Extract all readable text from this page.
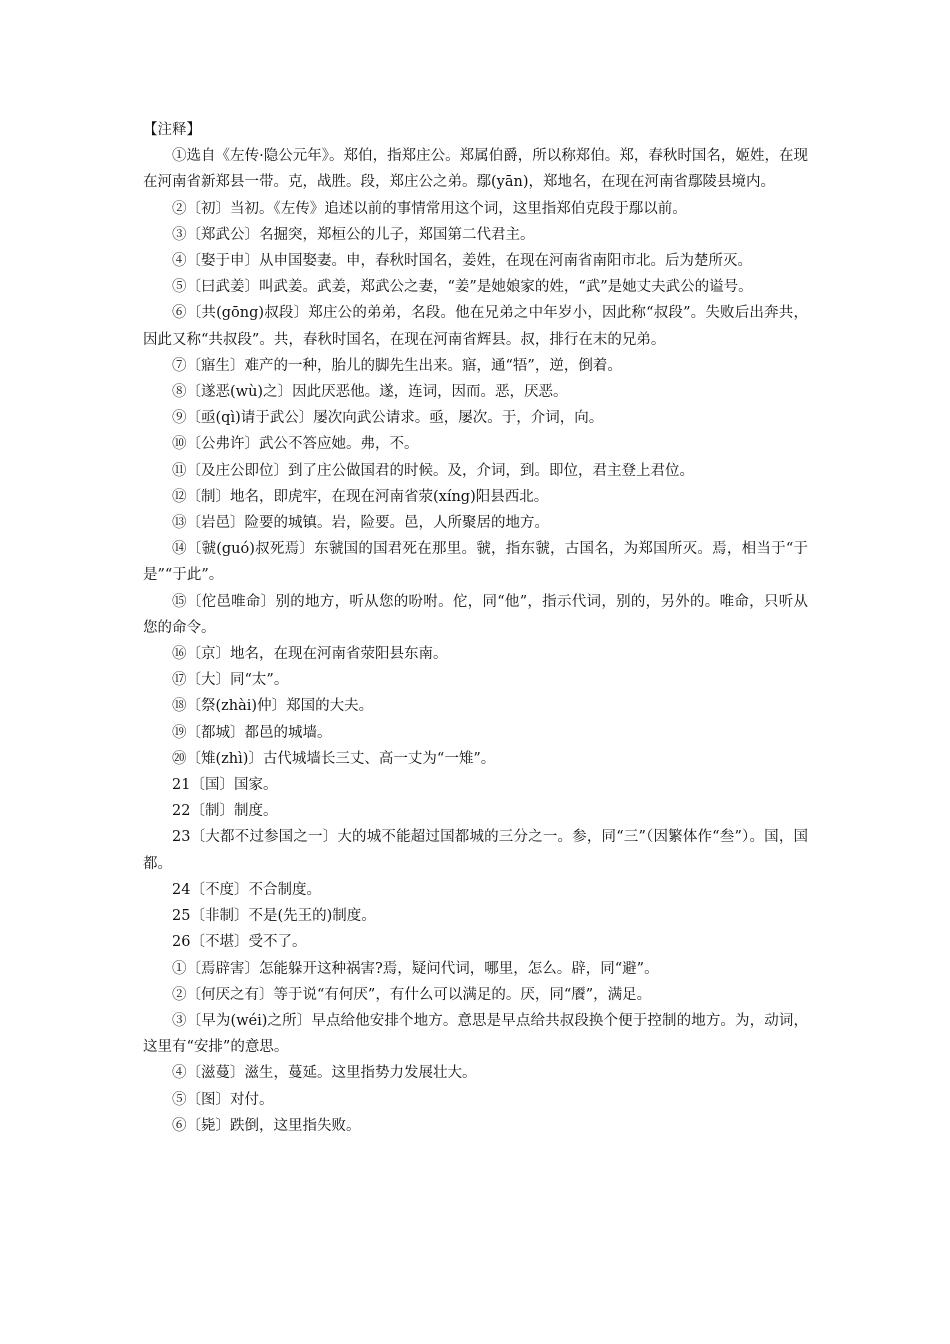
【注释】

①选自《左传·隐公元年》。郑伯，指郑庄公。郑属伯爵，所以称郑伯。郑，春秋时国名，姬姓，在现在河南省新郑县一带。克，战胜。段，郑庄公之弟。鄢(yān)，郑地名，在现在河南省鄢陵县境内。

②〔初〕当初。《左传》追述以前的事情常用这个词，这里指郑伯克段于鄢以前。

③〔郑武公〕名掘突，郑桓公的儿子，郑国第二代君主。

④〔娶于申〕从申国娶妻。申，春秋时国名，姜姓，在现在河南省南阳市北。后为楚所灭。

⑤〔曰武姜〕叫武姜。武姜，郑武公之妻，“姜”是她娘家的姓，“武”是她丈夫武公的谥号。

⑥〔共(gōng)叔段〕郑庄公的弟弟，名段。他在兄弟之中年岁小，因此称“叔段”。失败后出奔共，因此又称“共叔段”。共，春秋时国名，在现在河南省辉县。叔，排行在末的兄弟。

⑦〔寤生〕难产的一种，胎儿的脚先生出来。寤，通“牾”，逆，倒着。

⑧〔遂恶(wù)之〕因此厌恶他。遂，连词，因而。恶，厌恶。

⑨〔亟(qì)请于武公〕屡次向武公请求。亟，屡次。于，介词，向。

⑩〔公弗许〕武公不答应她。弗，不。

⑪〔及庄公即位〕到了庄公做国君的时候。及，介词，到。即位，君主登上君位。

⑫〔制〕地名，即虎牢，在现在河南省荥(xíng)阳县西北。

⑬〔岩邑〕险要的城镇。岩，险要。邑，人所聚居的地方。

⑭〔虢(guó)叔死焉〕东虢国的国君死在那里。虢，指东虢，古国名，为郑国所灭。焉，相当于“于是”“于此”。

⑮〔佗邑唯命〕别的地方，听从您的吩咐。佗，同“他”，指示代词，别的，另外的。唯命，只听从您的命令。

⑯〔京〕地名，在现在河南省荥阳县东南。

⑰〔大〕同“太”。

⑱〔祭(zhài)仲〕郑国的大夫。

⑲〔都城〕都邑的城墙。

⑳〔雉(zhì)〕古代城墙长三丈、高一丈为“一雉”。

21〔国〕国家。

22〔制〕制度。

23〔大都不过参国之一〕大的城不能超过国都城的三分之一。参，同“三”（因繁体作“叁”）。国，国都。

24〔不度〕不合制度。

25〔非制〕不是(先王的)制度。

26〔不堪〕受不了。

①〔焉辟害〕怎能躲开这种祸害?焉，疑问代词，哪里，怎么。辟，同“避”。

②〔何厌之有〕等于说“有何厌”，有什么可以满足的。厌，同“餍”，满足。

③〔早为(wéi)之所〕早点给他安排个地方。意思是早点给共叔段换个便于控制的地方。为，动词，这里有“安排”的意思。

④〔滋蔓〕滋生，蔓延。这里指势力发展壮大。

⑤〔图〕对付。

⑥〔毙〕跌倒，这里指失败。
